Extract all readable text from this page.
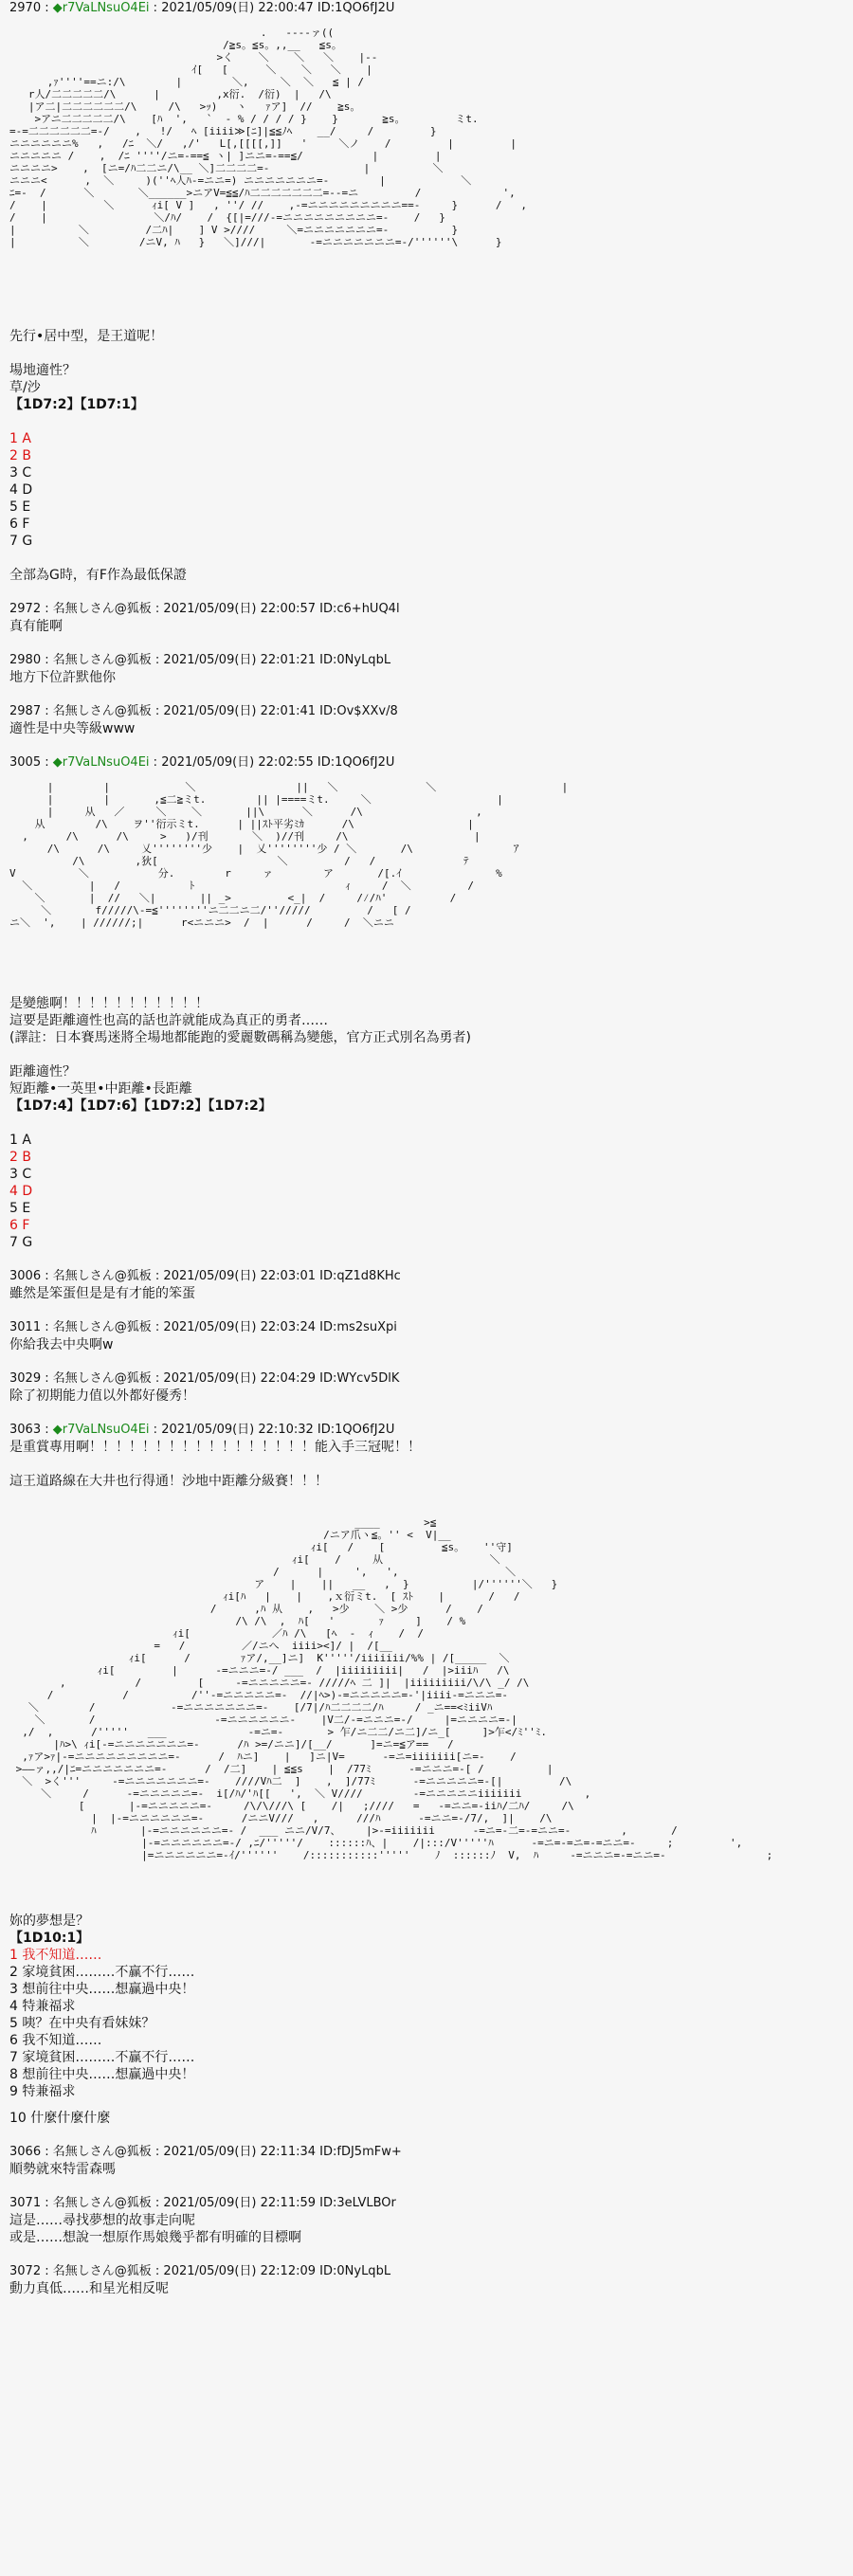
2970 : ◆r7VaLNsuO4Ei : 2021/05/09(日) 22:00:47 ID:1QO6fJ2U

.   ----ァ((
/≧s。≦s。,,__   ≦s。
>く    ＼    ＼   ＼    |--
ｲ[   [      ＼    ＼   ＼    |
,ｧ''''==ニ:/\        |        ＼,     ＼  ＼   ≦ | /
r人/二二二二二/\      |         ,x衍.  /衍)  |   /\
|ア二|二二二二二二/\     /\   >ｯ)   ヽ   ｧア]  //    ≧s。
>アニ二二二二二/\    [ﾊ  ',   `  - % / / / / }    }       ≧s。        ミt.
=-=二二二二二二=-/    ,   !/   ﾍ [iiii≫[ﾆ]|≦≦ﾉﾍ    __/     /         }
ニニニニニニ%   ,   /ﾆ  ＼/   ,/'   L[,[[[[,]]   '     ＼ノ    /         |         |
ニニニニニ /    ,  /ﾆ ''''/ニ=-==≦ ヽ| ]ニニ=-==≦/           |         |
ニニニニ>    ,  [ニ=/ﾊ二二ニ/\__ ＼]二二二二=-               |          ＼
ニニニ<      ,  ＼     )(''ﾍ人ﾊ-=ニニ=) ニニニニニニニ=-        |            ＼
ﾆ=-  /      ＼       ＼______>ニアV=≦≦/ﾊ二二二二二二二=--=ニ         /             ',
/    |         ＼      ｨi[ V ]   , ''/ //    ,-=ニニニニニニニニニ==-     }      /   ,
/    |                 ＼/ﾊ/    /  {[|=///-=ニニニニニニニニニ=-    /   }
|          ＼         /二ﾊ|    ] V >////     ＼=ニニニニニニニ=-          }
|          ＼        /ニV, ﾊ   }   ＼]///|       -=ニニニニニニニ=-/''''''\      }

先行•居中型，是王道呢！

場地適性？
草/沙

【1D7:2】【1D7:1】

1 A

2 B

3 C

4 D

5 E

6 F

7 G

全部為G時，有F作為最低保證

2972 : 名無しさん@狐板 : 2021/05/09(日) 22:00:57 ID:c6+hUQ4l

真有能啊

2980 : 名無しさん@狐板 : 2021/05/09(日) 22:01:21 ID:0NyLqbL

地方下位許默他你

2987 : 名無しさん@狐板 : 2021/05/09(日) 22:01:41 ID:Ov$XXv/8

適性是中央等級www

3005 : ◆r7VaLNsuO4Ei : 2021/05/09(日) 22:02:55 ID:1QO6fJ2U

|        |            ＼                ||   ＼              ＼                    |
|        |       ,≦二≧ミt.        || |====ミt.     ＼                    |
|     从   ／     ＼    ＼       ||\      ＼      /\                  ,
从        /\    ヲ''衍示ミt.      | ||ｽﾄ平劣ﾐｶ      /\                  |
,      /\      /\     >   )/刊       ＼  )//刊     /\                    |
/\      /\     乂''''''''少    |  乂''''''''少 / ＼       /\                ｱ
/\        ,狄[                   ＼         /   /              ﾃ
V          ＼           分.        r     ァ        ア       /[.ｲ               %
＼         |   /           ﾄ                        ｨ     /  ＼         /
＼       |  //   ＼|       || _>         <_|  /     /⁄/ﾊ'          /
＼       f/////\-=≦''''''''ニ二二ニ二/''/////         /   [ /
ニ＼  ',    | //////;|      r<ニニニ>  /  |      /     /  ＼ニニ

是變態啊！！！！！！！！！！！
這要是距離適性也高的話也許就能成為真正的勇者……
(譯註：日本賽馬迷將全場地都能跑的愛麗數碼稱為變態，官方正式別名為勇者)

距離適性？
短距離•一英里•中距離•長距離

【1D7:4】【1D7:6】【1D7:2】【1D7:2】

1 A

2 B

3 C

4 D

5 E

6 F

7 G

3006 : 名無しさん@狐板 : 2021/05/09(日) 22:03:01 ID:qZ1d8KHc

雖然是笨蛋但是是有才能的笨蛋

3011 : 名無しさん@狐板 : 2021/05/09(日) 22:03:24 ID:ms2suXpi

你給我去中央啊w

3029 : 名無しさん@狐板 : 2021/05/09(日) 22:04:29 ID:WYcv5DlK

除了初期能力值以外都好優秀！

3063 : ◆r7VaLNsuO4Ei : 2021/05/09(日) 22:10:32 ID:1QO6fJ2U

是重賞專用啊！！！！！！！！！！！！！！！！！能入手三冠呢！！

這王道路線在大井也行得通！沙地中距離分級賽！！！

____       >≦
/ニア爪ヽ≦。'' <  V|__
ｨi[   /    [         ≦s。   ''守]
ｨi[    /     从                 ＼
/      |     ',   ',                 ＼
ア    |    ||   __   ,  }          |/''''''＼   }
ｨi[ﾊ   |    |    ,ｘ衍ミt.  [ ｽﾄ    |       /   /
/      ,ﾊ 从    ,   >少    ＼ >少      /    /
/\ /\  ,  ﾊ[   '       ｧ     ]    / %
ｨi[             ／ﾊ /\   [ﾍ  -  ｨ    /  /
=   /         ／/ニへ  iiii><]/ |  /[__
ｨi[      /        ｧア/,__]ニ]  K'''''/iiiiiii/%% | /[_____  ＼
ｨi[         |      -=ニニニ=-/ ___  /  |iiiiiiiii|   /  |>iiiﾊ   /\
,           /         [     -=ニニニニニ=- /////ﾍ 二 ]|  |iiiiiiiii/\/\ _/ /\
/           /          /''-=ニニニニニ=-  //|ﾍ>)-=ニニニニニ=-'|iiii-=ニニニ=-
＼        /            -=ニニニニニニニ=-    [/7|/ﾊ二二二二/ﾊ     / _ニ==<ﾐiiVﾊ
＼       /                   -=ニニニニニニ-    |V二/-=ニニニ=-/     |=ニニニニ=-|
,/  ,      /'''''   ___             -=ニ=-       > 乍/ニ二二/ニ二]/ニ_[     ]>乍</ﾐ''ﾐ.
|ﾊ>\ ｨi[-=ニニニニニニニ=-      /ﾊ >=/ニニ]/[__/      ]=ニ=≦ア==   /
,ｧア>ｧ|-=ニニニニニニニニニ=-      /  ﾊニ]    |   ]ニ|V=      -=ニ=iiiiiii[ニ=-    /
>――ァ,,/|ﾆ=ニニニニニニニ=-      /  /二]    | ≦≦s    |  /77ﾐ      -=ニニニ=-[ /          |
＼  >く'''     -=ニニニニニニニ=-    ////Vﾊ二  ]    ,  ]/77ﾐ      -=ニニニニニ=-[|         /\
＼     /      -=ニニニニニ=-  i[/ﾊ/'ﾊ[[   ',  ＼ V////        -=ニニニニニiiiiiii          ,
[       |-=ニニニニニ=-     /\/\///\ [    /|   ;////   =   -=ニニ=-iiﾊ/二ﾊ/     /\
|  |-=ニニニニニニ=-      /ニニV///   ,      ///ﾊ      -=ニニ=-/7/,  ]|    /\
ﾊ       |-=ニニニニニニ=- /  ___ ニニ/V/7、    |>-=iiiiiii      -=ニ=-二=-=ニニ=-        ,       /
|-=ニニニニニニ=-/ ,ﾆ/'''''/    ::::::ﾊ、|    /|:::/V'''''ﾊ      -=ニ=-=ニ=-=ニニ=-     ;         ',
|=ニニニニニニ=-ｲ/''''''    /:::::::::::'''''    ﾉ  ::::::ﾉ  V,  ﾊ     -=ニニニ=-=ニニ=-                ;

妳的夢想是？

【1D10:1】

1 我不知道……

2 家境貧困………不赢不行……

3 想前往中央……想赢過中央！

4 特兼福求

5 咦？在中央有看妹妹？

6 我不知道……

7 家境貧困………不赢不行……

8 想前往中央……想赢過中央！

9 特兼福求

10 什麼什麼什麼

3066 : 名無しさん@狐板 : 2021/05/09(日) 22:11:34 ID:fDJ5mFw+

順勢就來特雷森嗎

3071 : 名無しさん@狐板 : 2021/05/09(日) 22:11:59 ID:3eLVLBOr

這是……尋找夢想的故事走向呢
或是……想說一想原作馬娘幾乎都有明確的目標啊

3072 : 名無しさん@狐板 : 2021/05/09(日) 22:12:09 ID:0NyLqbL

動力真低……和星光相反呢
